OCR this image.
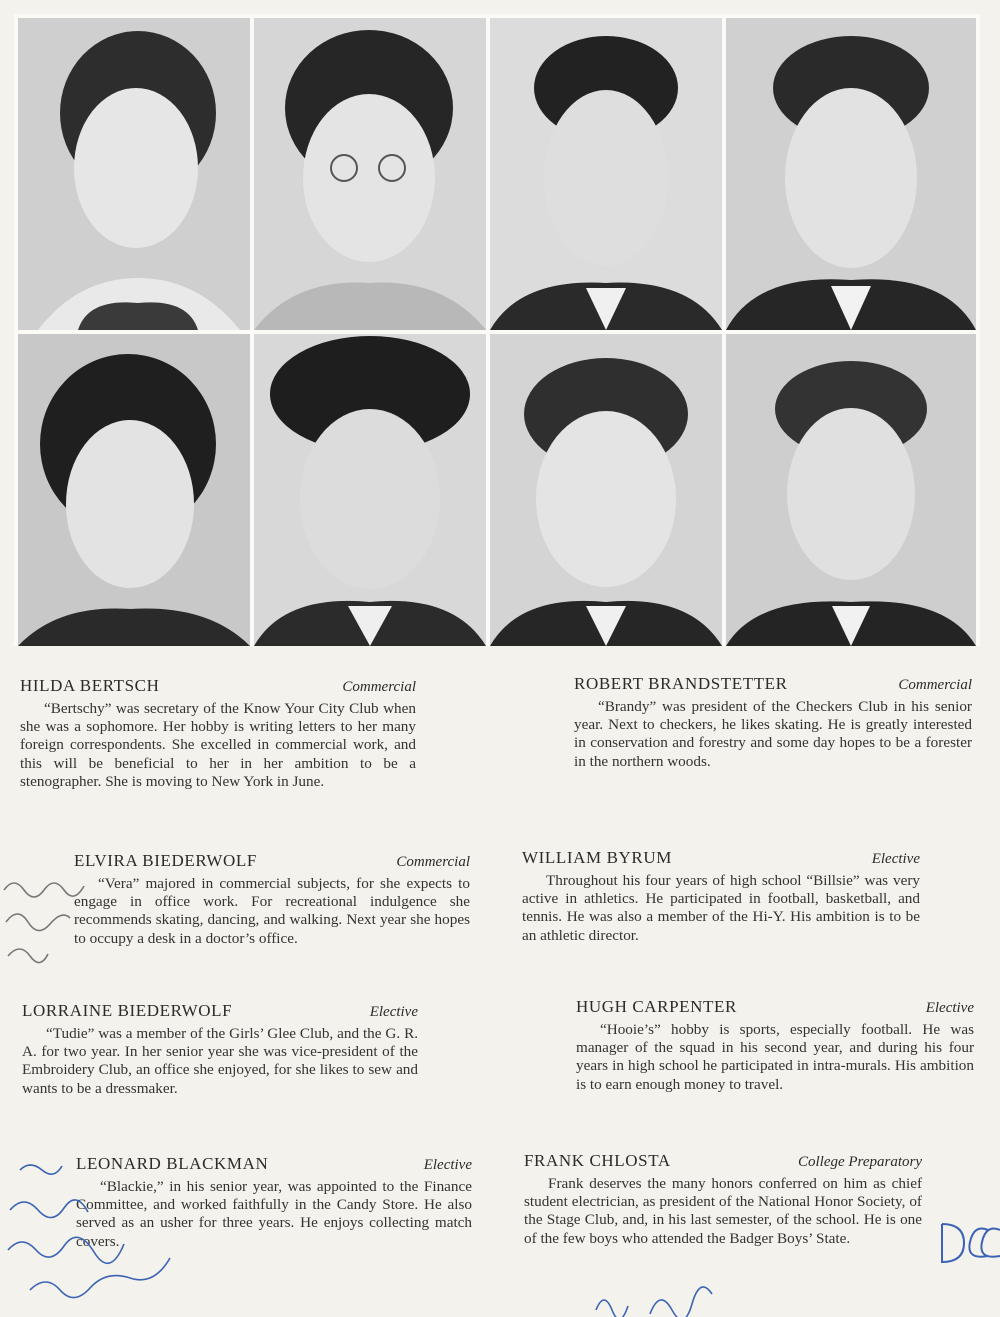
HILDA BERTSCH	Commercial

“Bertschy” was secretary of the Know Your City Club when she was a sophomore. Her hobby is writing letters to her many foreign correspondents. She excelled in commercial work, and this will be beneficial to her in her ambition to be a stenographer. She is moving to New York in June.

ROBERT BRANDSTETTER	Commercial

“Brandy” was president of the Checkers Club in his senior year. Next to checkers, he likes skating. He is greatly interested in conservation and forestry and some day hopes to be a forester in the northern woods.

ELVIRA BIEDERWOLF	Commercial

“Vera” majored in commercial subjects, for she expects to engage in office work. For recreational indulgence she recommends skating, dancing, and walking. Next year she hopes to occupy a desk in a doctor’s office.

WILLIAM BYRUM	Elective

Throughout his four years of high school “Billsie” was very active in athletics. He participated in football, basketball, and tennis. He was also a member of the Hi-Y. His ambition is to be an athletic director.

LORRAINE BIEDERWOLF	Elective

“Tudie” was a member of the Girls’ Glee Club, and the G. R. A. for two year. In her senior year she was vice-president of the Embroidery Club, an office she enjoyed, for she likes to sew and wants to be a dressmaker.

HUGH CARPENTER	Elective

“Hooie’s” hobby is sports, especially football. He was manager of the squad in his second year, and during his four years in high school he participated in intra-murals. His ambition is to earn enough money to travel.

LEONARD BLACKMAN	Elective

“Blackie,” in his senior year, was appointed to the Finance Committee, and worked faithfully in the Candy Store. He also served as an usher for three years. He enjoys collecting match covers.

FRANK CHLOSTA	College Preparatory

Frank deserves the many honors conferred on him as chief student electrician, as president of the National Honor Society, of the Stage Club, and, in his last semester, of the school. He is one of the few boys who attended the Badger Boys’ State.
